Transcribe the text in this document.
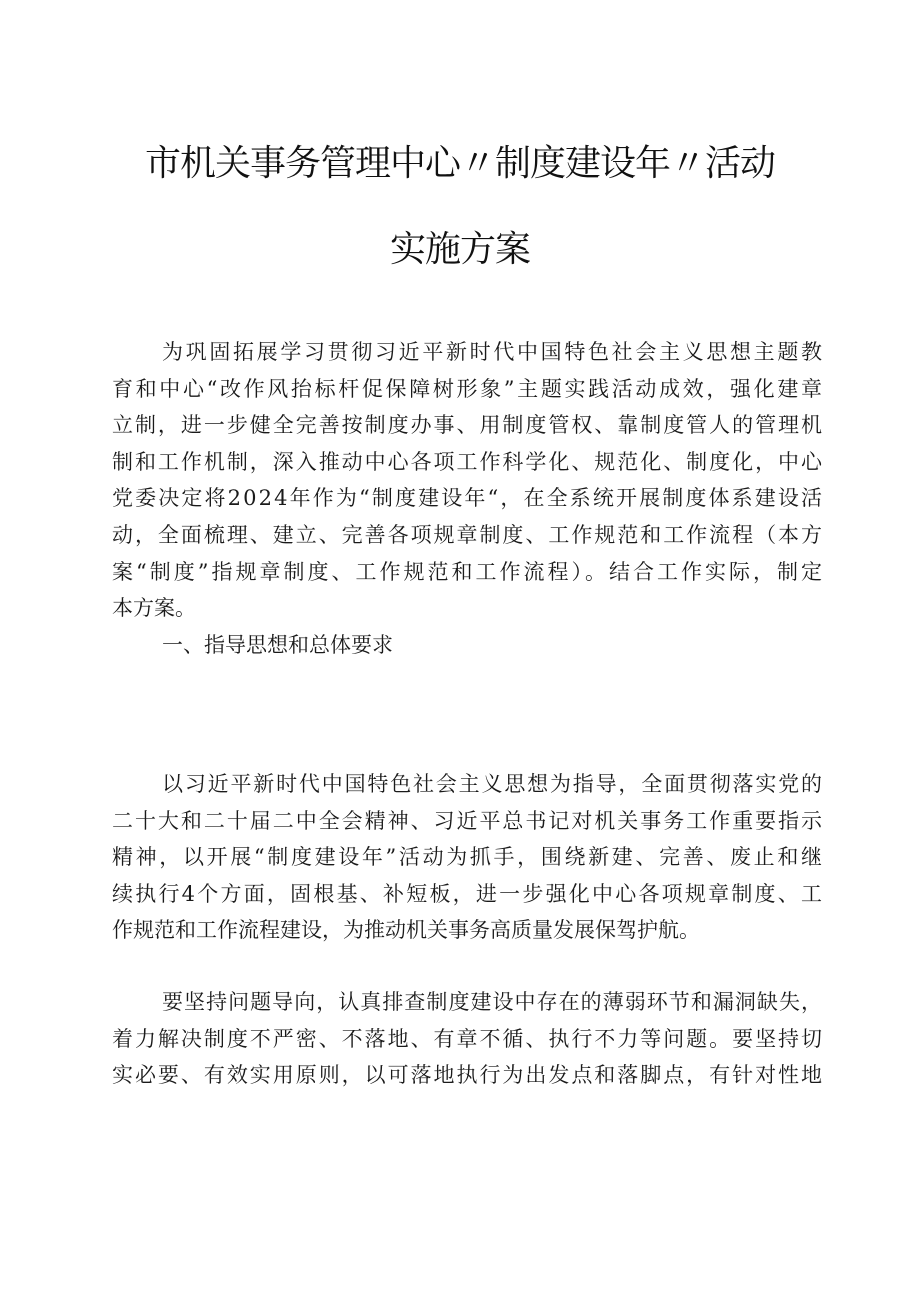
市机关事务管理中心〃制度建设年〃活动
实施方案
为巩固拓展学习贯彻习近平新时代中国特色社会主义思想主题教
育和中心“改作风抬标杆促保障树形象”主题实践活动成效，强化建章
立制，进一步健全完善按制度办事、用制度管权、靠制度管人的管理机
制和工作机制，深入推动中心各项工作科学化、规范化、制度化，中心
党委决定将2024年作为“制度建设年“，在全系统开展制度体系建设活
动，全面梳理、建立、完善各项规章制度、工作规范和工作流程（本方
案“制度”指规章制度、工作规范和工作流程）。结合工作实际，制定
本方案。
一、指导思想和总体要求
以习近平新时代中国特色社会主义思想为指导，全面贯彻落实党的
二十大和二十届二中全会精神、习近平总书记对机关事务工作重要指示
精神，以开展“制度建设年”活动为抓手，围绕新建、完善、废止和继
续执行4个方面，固根基、补短板，进一步强化中心各项规章制度、工
作规范和工作流程建设，为推动机关事务高质量发展保驾护航。
要坚持问题导向，认真排查制度建设中存在的薄弱环节和漏洞缺失，
着力解决制度不严密、不落地、有章不循、执行不力等问题。要坚持切
实必要、有效实用原则，以可落地执行为出发点和落脚点，有针对性地
